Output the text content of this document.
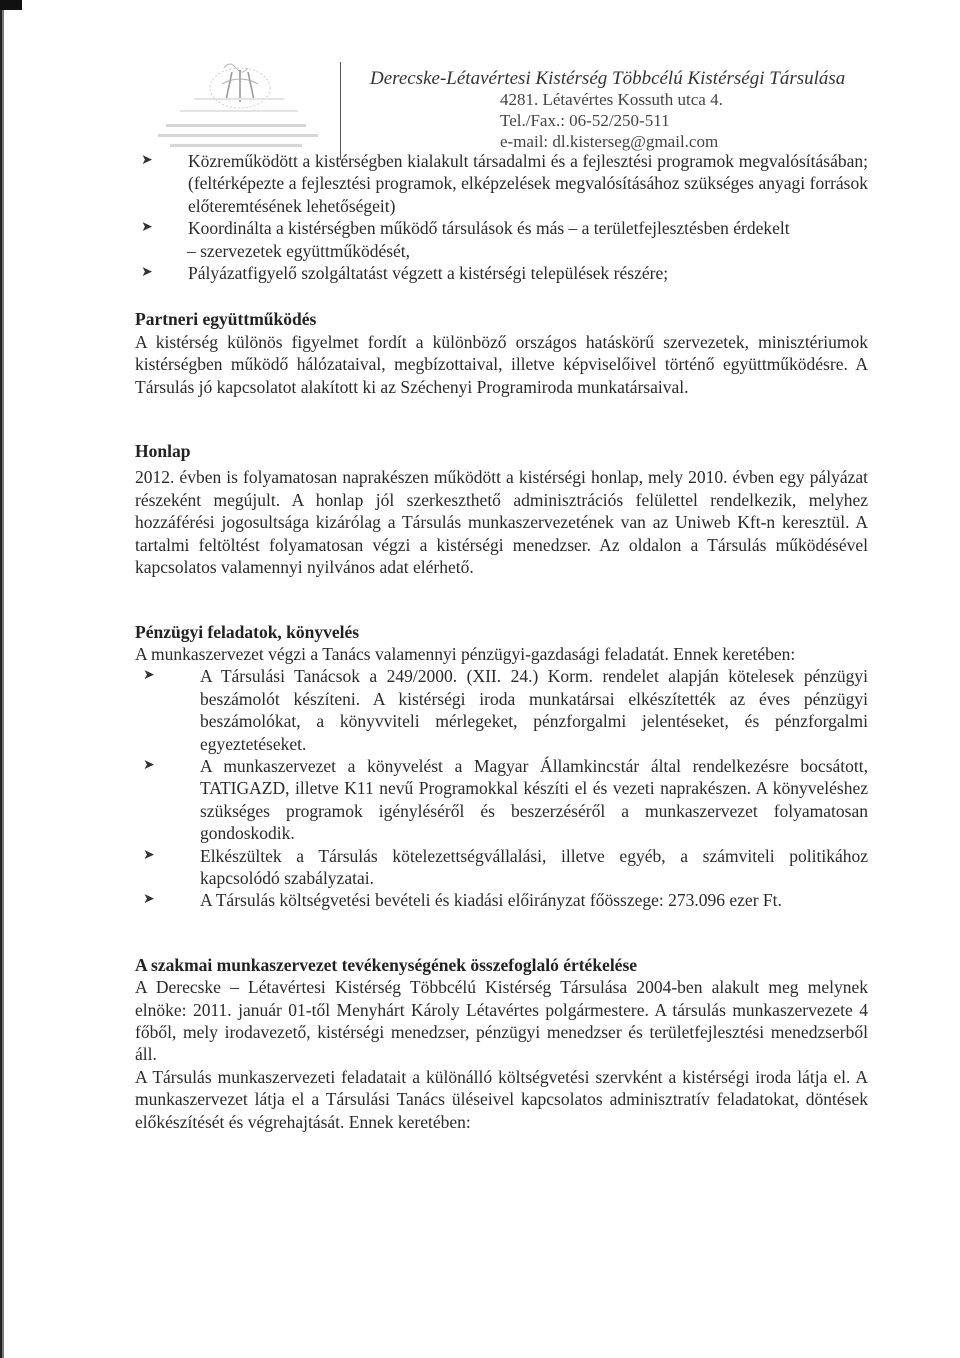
Derecske-Létavértesi Kistérség Többcélú Kistérségi Társulása
4281. Létavértes Kossuth utca 4.
Tel./Fax.: 06-52/250-511
e-mail: dl.kisterseg@gmail.com
➤ Közreműködött a kistérségben kialakult társadalmi és a fejlesztési programok megvalósításában; (feltérképezte a fejlesztési programok, elképzelések megvalósításához szükséges anyagi források előteremtésének lehetőségeit)
➤ Koordinálta a kistérségben működő társulások és más – a területfejlesztésben érdekelt

– szervezetek együttműködését,

➤ Pályázatfigyelő szolgáltatást végzett a kistérségi települések részére;
Partneri együttműködés

A kistérség különös figyelmet fordít a különböző országos hatáskörű szervezetek, minisztériumok kistérségben működő hálózataival, megbízottaival, illetve képviselőivel történő együttműködésre. A Társulás jó kapcsolatot alakított ki az Széchenyi Programiroda munkatársaival.

Honlap

2012. évben is folyamatosan naprakészen működött a kistérségi honlap, mely 2010. évben egy pályázat részeként megújult. A honlap jól szerkeszthető adminisztrációs felülettel rendelkezik, melyhez hozzáférési jogosultsága kizárólag a Társulás munkaszervezetének van az Uniweb Kft-n keresztül. A tartalmi feltöltést folyamatosan végzi a kistérségi menedzser. Az oldalon a Társulás működésével kapcsolatos valamennyi nyilvános adat elérhető.

Pénzügyi feladatok, könyvelés

A munkaszervezet végzi a Tanács valamennyi pénzügyi-gazdasági feladatát. Ennek keretében:

➤	A Társulási Tanácsok a 249/2000. (XII. 24.) Korm. rendelet alapján kötelesek pénzügyi beszámolót készíteni. A kistérségi iroda munkatársai elkészítették az éves pénzügyi beszámolókat, a könyvviteli mérlegeket, pénzforgalmi jelentéseket, és pénzforgalmi egyeztetéseket.
➤	A munkaszervezet a könyvelést a Magyar Államkincstár által rendelkezésre bocsátott, TATIGAZD, illetve K11 nevű Programokkal készíti el és vezeti naprakészen. A könyveléshez szükséges programok igényléséről és beszerzéséről a munkaszervezet folyamatosan gondoskodik.
➤	Elkészültek a Társulás kötelezettségvállalási, illetve egyéb, a számviteli politikához kapcsolódó szabályzatai.
➤	A Társulás költségvetési bevételi és kiadási előirányzat főösszege: 273.096 ezer Ft.
A szakmai munkaszervezet tevékenységének összefoglaló értékelése

A Derecske – Létavértesi Kistérség Többcélú Kistérség Társulása 2004-ben alakult meg melynek elnöke: 2011. január 01-től Menyhárt Károly Létavértes polgármestere. A társulás munkaszervezete 4 főből, mely irodavezető, kistérségi menedzser, pénzügyi menedzser és területfejlesztési menedzserből áll.

A Társulás munkaszervezeti feladatait a különálló költségvetési szervként a kistérségi iroda látja el. A munkaszervezet látja el a Társulási Tanács üléseivel kapcsolatos adminisztratív feladatokat, döntések előkészítését és végrehajtását. Ennek keretében:
